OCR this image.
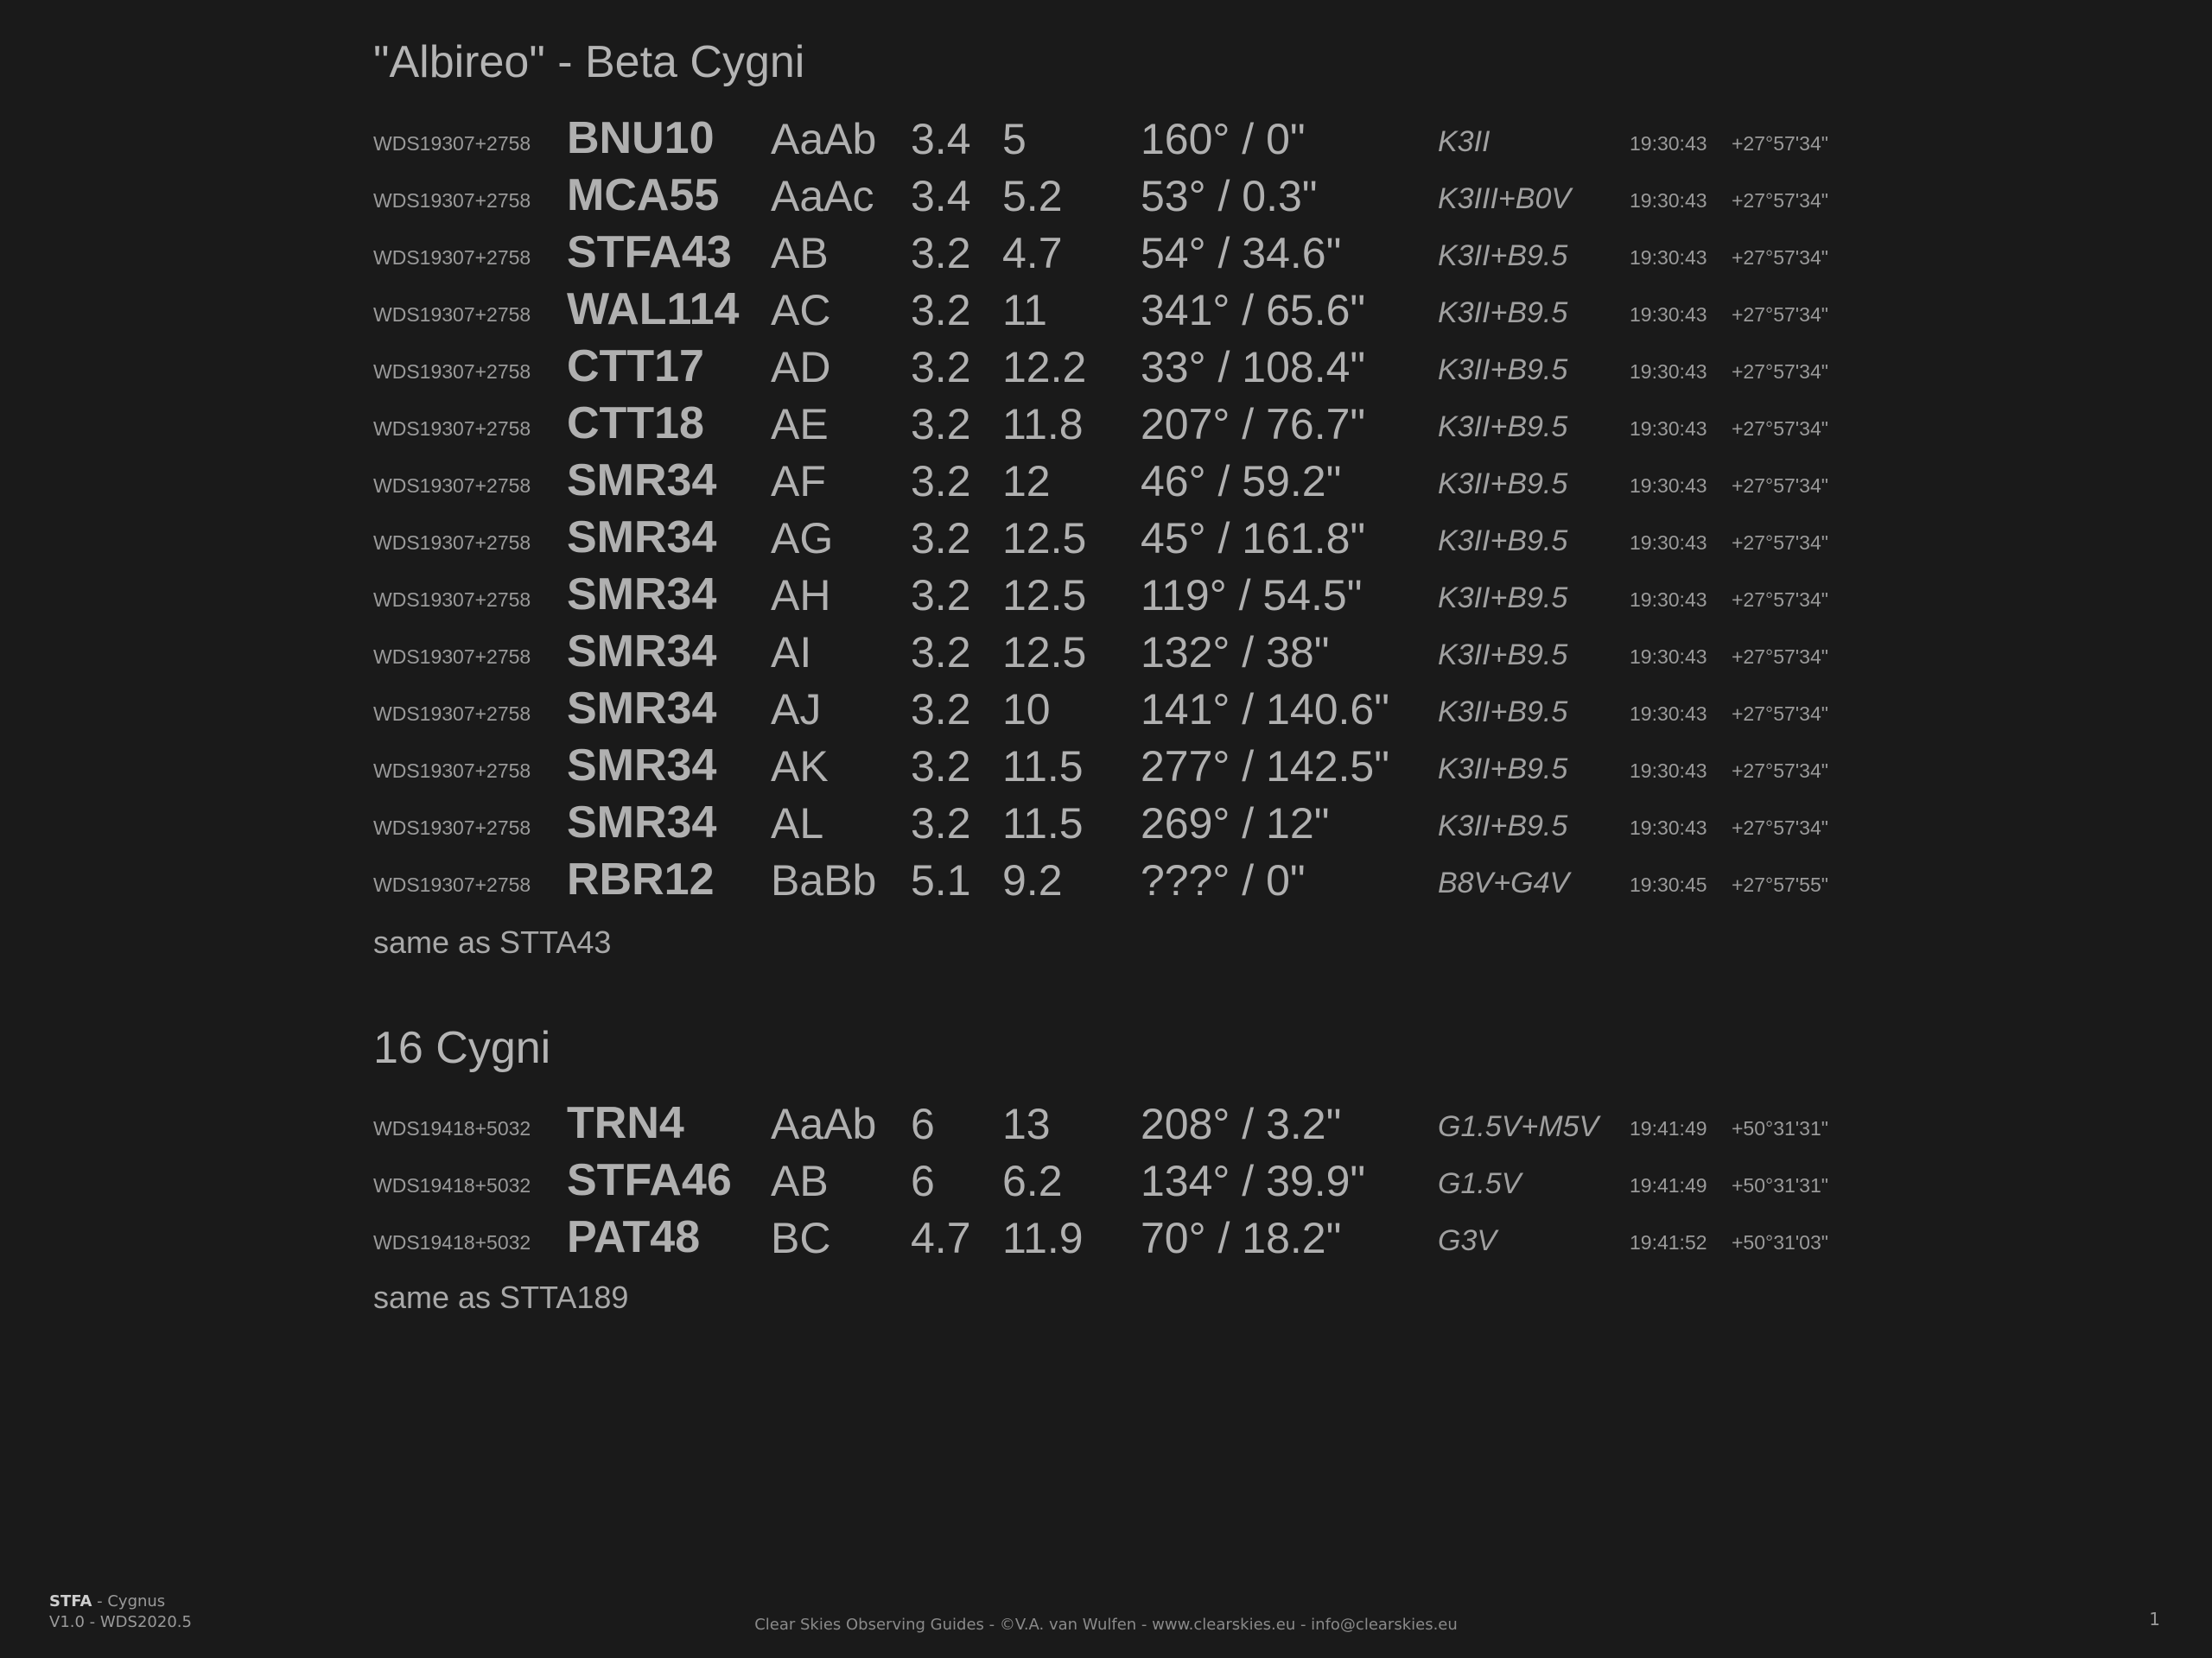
"Albireo" - Beta Cygni
WDS19307+2758 BNU10 AaAb 3.4 5	160° / 0"	K3II	19:30:43 +27°57'34"
WDS19307+2758 MCA55 AaAc 3.4 5.2 53° / 0.3"	K3III+B0V	19:30:43 +27°57'34"
WDS19307+2758 STFA43 AB 3.2 4.7 54° / 34.6"	K3II+B9.5	19:30:43 +27°57'34"
WDS19307+2758 WAL114 AC 3.2 11 341° / 65.6" K3II+B9.5	19:30:43 +27°57'34"
WDS19307+2758 CTT17 AD 3.2 12.2 33° / 108.4" K3II+B9.5	19:30:43 +27°57'34"
WDS19307+2758 CTT18 AE 3.2 11.8 207° / 76.7" K3II+B9.5	19:30:43 +27°57'34"
WDS19307+2758 SMR34 AF 3.2 12 46° / 59.2"	K3II+B9.5	19:30:43 +27°57'34"
WDS19307+2758 SMR34 AG 3.2 12.5 45° / 161.8" K3II+B9.5	19:30:43 +27°57'34"
WDS19307+2758 SMR34 AH 3.2 12.5 119° / 54.5"	K3II+B9.5	19:30:43 +27°57'34"
WDS19307+2758 SMR34 AI 3.2 12.5 132° / 38"	K3II+B9.5	19:30:43 +27°57'34"
WDS19307+2758 SMR34 AJ 3.2 10 141° / 140.6" K3II+B9.5	19:30:43 +27°57'34"
WDS19307+2758 SMR34 AK 3.2 11.5 277° / 142.5" K3II+B9.5	19:30:43 +27°57'34"
WDS19307+2758 SMR34 AL 3.2 11.5 269° / 12"	K3II+B9.5	19:30:43 +27°57'34"
WDS19307+2758 RBR12 BaBb 5.1 9.2 ???° / 0"	B8V+G4V	19:30:45 +27°57'55"
same as STTA43
16 Cygni
WDS19418+5032 TRN4 AaAb 6 13 208° / 3.2"	G1.5V+M5V 19:41:49 +50°31'31"
WDS19418+5032 STFA46 AB 6 6.2 134° / 39.9" G1.5V	19:41:49 +50°31'31"
WDS19418+5032 PAT48 BC 4.7 11.9 70° / 18.2"	G3V	19:41:52 +50°31'03"
same as STTA189
STFA - Cygnus
V1.0 - WDS2020.5	Clear Skies Observing Guides - ©V.A. van Wulfen - www.clearskies.eu - info@clearskies.eu	1
